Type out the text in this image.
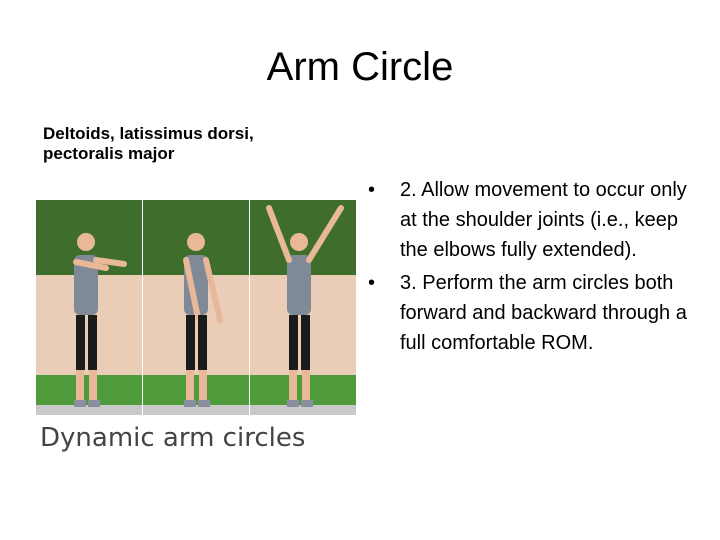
Arm Circle
Deltoids, latissimus dorsi, pectoralis major
Dynamic arm circles
• 2. Allow movement to occur only at the shoulder joints (i.e., keep the elbows fully extended).
• 3. Perform the arm circles both forward and backward through a full comfortable ROM.
